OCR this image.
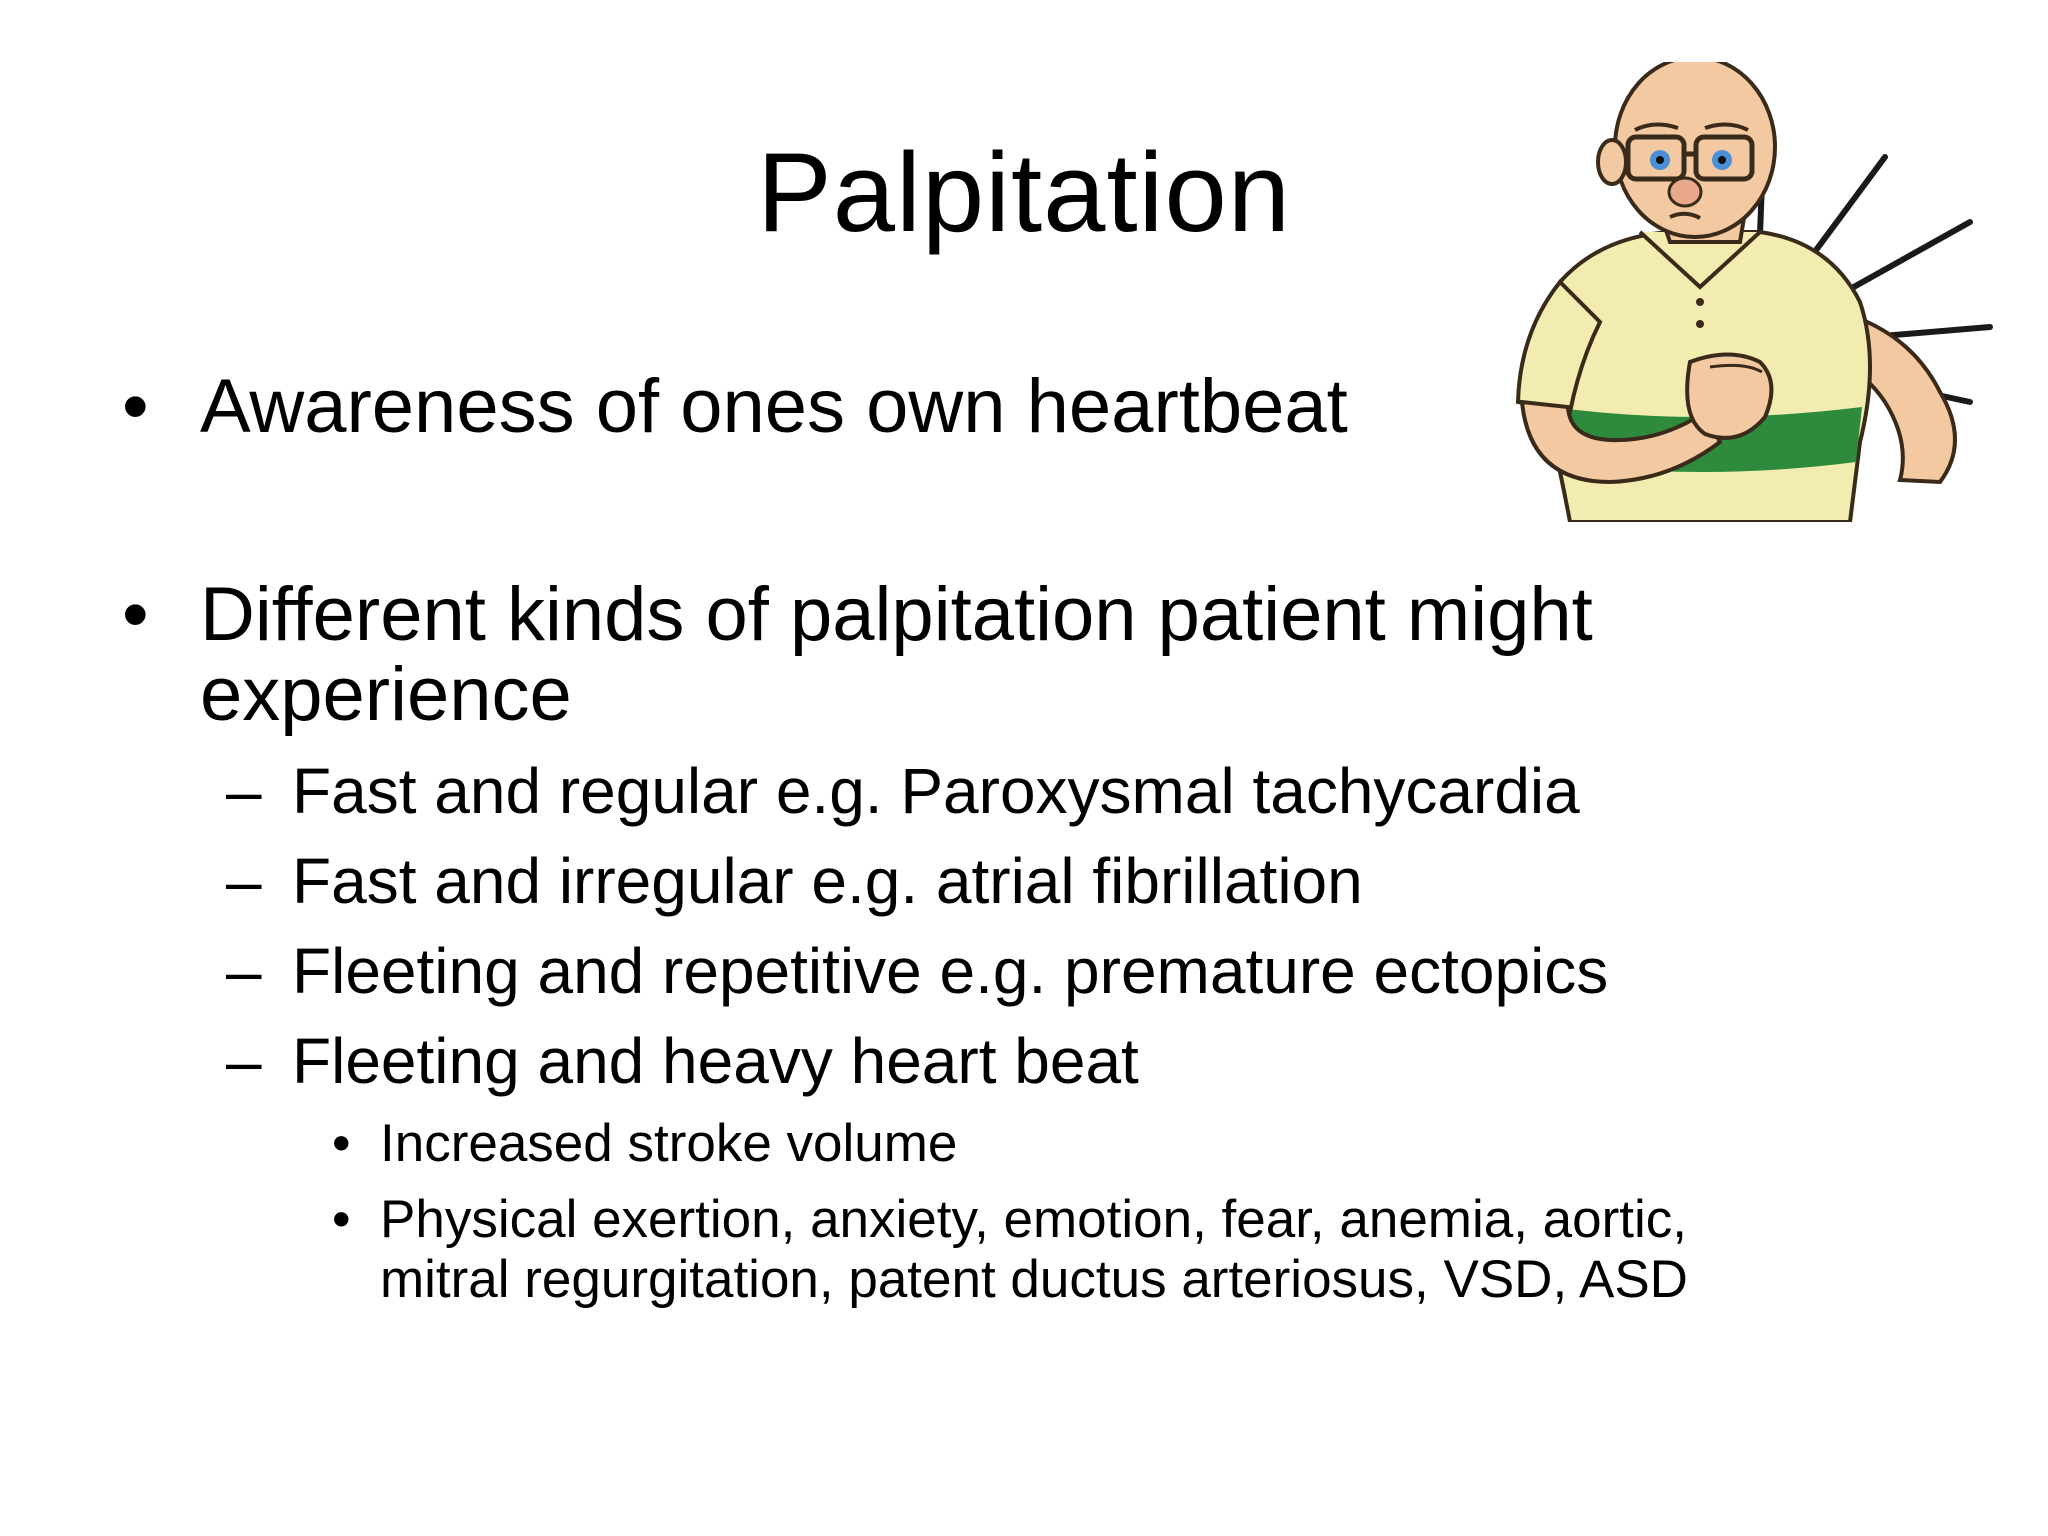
Palpitation
• Awareness of ones own heartbeat
• Different kinds of palpitation patient might
experience
– Fast and regular e.g. Paroxysmal tachycardia
– Fast and irregular e.g. atrial fibrillation
– Fleeting and repetitive e.g. premature ectopics
– Fleeting and heavy heart beat
• Increased stroke volume
• Physical exertion, anxiety, emotion, fear, anemia, aortic,
mitral regurgitation, patent ductus arteriosus, VSD, ASD
